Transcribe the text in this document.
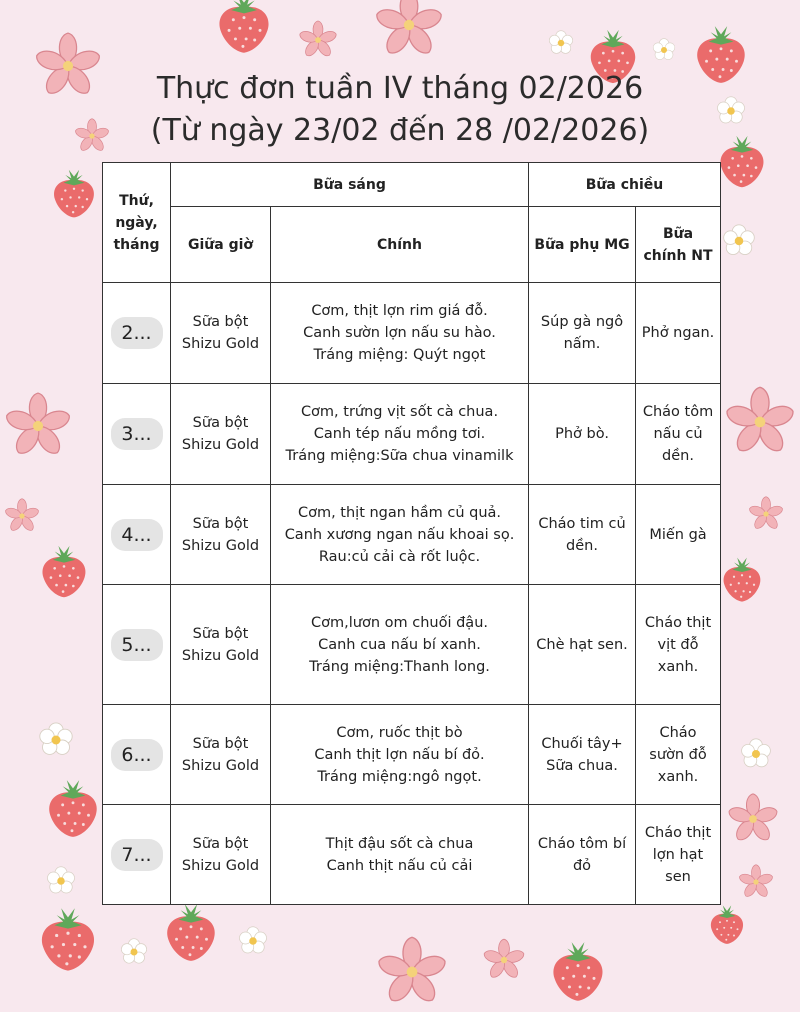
Thực đơn tuần IV tháng 02/2026
(Từ ngày 23/02 đến 28 /02/2026)
Thứ, ngày, tháng	Bữa sáng		Bữa chiều	
	Giữa giờ	Chính	Bữa phụ MG	Bữa chính NT
2...	Sữa bột Shizu Gold	Cơm, thịt lợn rim giá đỗ.
Canh sườn lợn nấu su hào.
Tráng miệng: Quýt ngọt	Súp gà ngô nấm.	Phở ngan.
3...	Sữa bột Shizu Gold	Cơm, trứng vịt sốt cà chua.
Canh tép nấu mồng tơi.
Tráng miệng:Sữa chua vinamilk	Phở bò.	Cháo tôm nấu củ dền.
4...	Sữa bột Shizu Gold	Cơm, thịt ngan hầm củ quả.
Canh xương ngan nấu khoai sọ.
Rau:củ cải cà rốt luộc.	Cháo tim củ dền.	Miến gà
5...	Sữa bột Shizu Gold	Cơm,lươn om chuối đậu.
Canh cua nấu bí xanh.
Tráng miệng:Thanh long.	Chè hạt sen.	Cháo thịt vịt đỗ xanh.
6...	Sữa bột Shizu Gold	Cơm, ruốc thịt bò
Canh thịt lợn nấu bí đỏ.
Tráng miệng:ngô ngọt.	Chuối tây+ Sữa chua.	Cháo sườn đỗ xanh.
7...	Sữa bột Shizu Gold	Thịt đậu sốt cà chua
Canh thịt nấu củ cải	Cháo tôm bí đỏ	Cháo thịt lợn hạt sen
